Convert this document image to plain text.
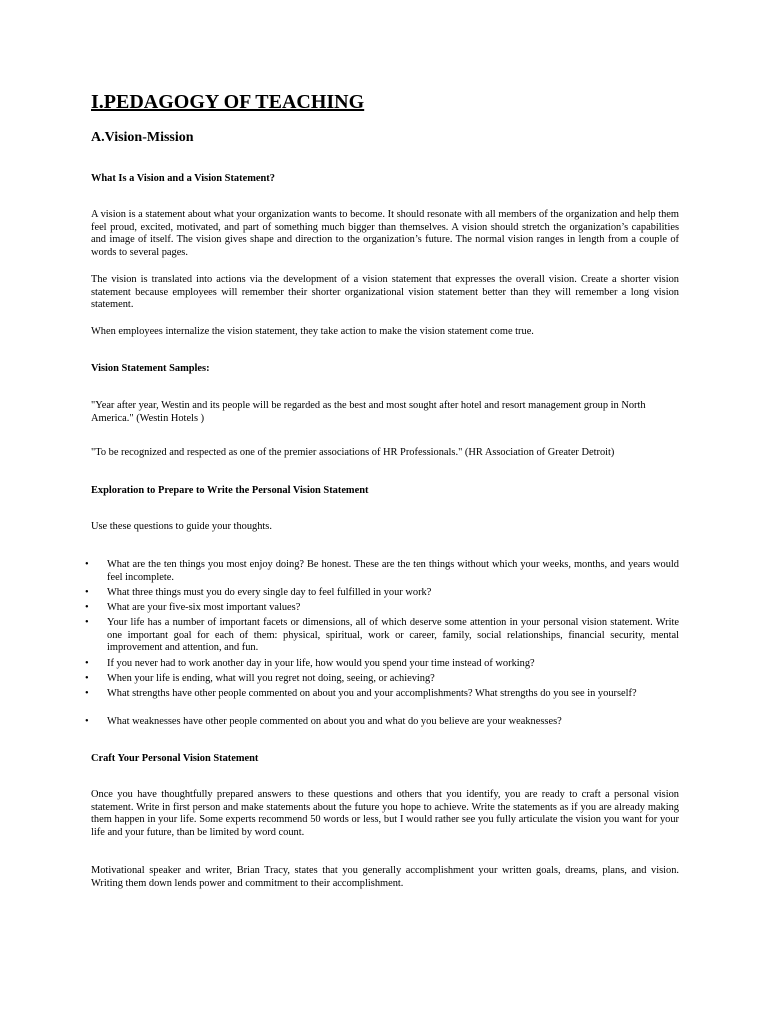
I.PEDAGOGY OF TEACHING
A.Vision-Mission
What Is a Vision and a Vision Statement?

A vision is a statement about what your organization wants to become. It should resonate with all members of the organization and help them feel proud, excited, motivated, and part of something much bigger than themselves. A vision should stretch the organization’s capabilities and image of itself. The vision gives shape and direction to the organization’s future. The normal vision ranges in length from a couple of words to several pages.

The vision is translated into actions via the development of a vision statement that expresses the overall vision. Create a shorter vision statement because employees will remember their shorter organizational vision statement better than they will remember a long vision statement.

When employees internalize the vision statement, they take action to make the vision statement come true.

Vision Statement Samples:

"Year after year, Westin and its people will be regarded as the best and most sought after hotel and resort management group in North America." (Westin Hotels )

"To be recognized and respected as one of the premier associations of HR Professionals." (HR Association of Greater Detroit)

Exploration to Prepare to Write the Personal Vision Statement

Use these questions to guide your thoughts.

•	What are the ten things you most enjoy doing? Be honest. These are the ten things without which your weeks, months, and years would feel incomplete.
•	What three things must you do every single day to feel fulfilled in your work?
•	What are your five-six most important values?
•	Your life has a number of important facets or dimensions, all of which deserve some attention in your personal vision statement. Write one important goal for each of them: physical, spiritual, work or career, family, social relationships, financial security, mental improvement and attention, and fun.
•	If you never had to work another day in your life, how would you spend your time instead of working?
•	When your life is ending, what will you regret not doing, seeing, or achieving?
•	What strengths have other people commented on about you and your accomplishments? What strengths do you see in yourself?
•	What weaknesses have other people commented on about you and what do you believe are your weaknesses?
Craft Your Personal Vision Statement

Once you have thoughtfully prepared answers to these questions and others that you identify, you are ready to craft a personal vision statement. Write in first person and make statements about the future you hope to achieve. Write the statements as if you are already making them happen in your life. Some experts recommend 50 words or less, but I would rather see you fully articulate the vision you want for your life and your future, than be limited by word count.

Motivational speaker and writer, Brian Tracy, states that you generally accomplishment your written goals, dreams, plans, and vision. Writing them down lends power and commitment to their accomplishment.
